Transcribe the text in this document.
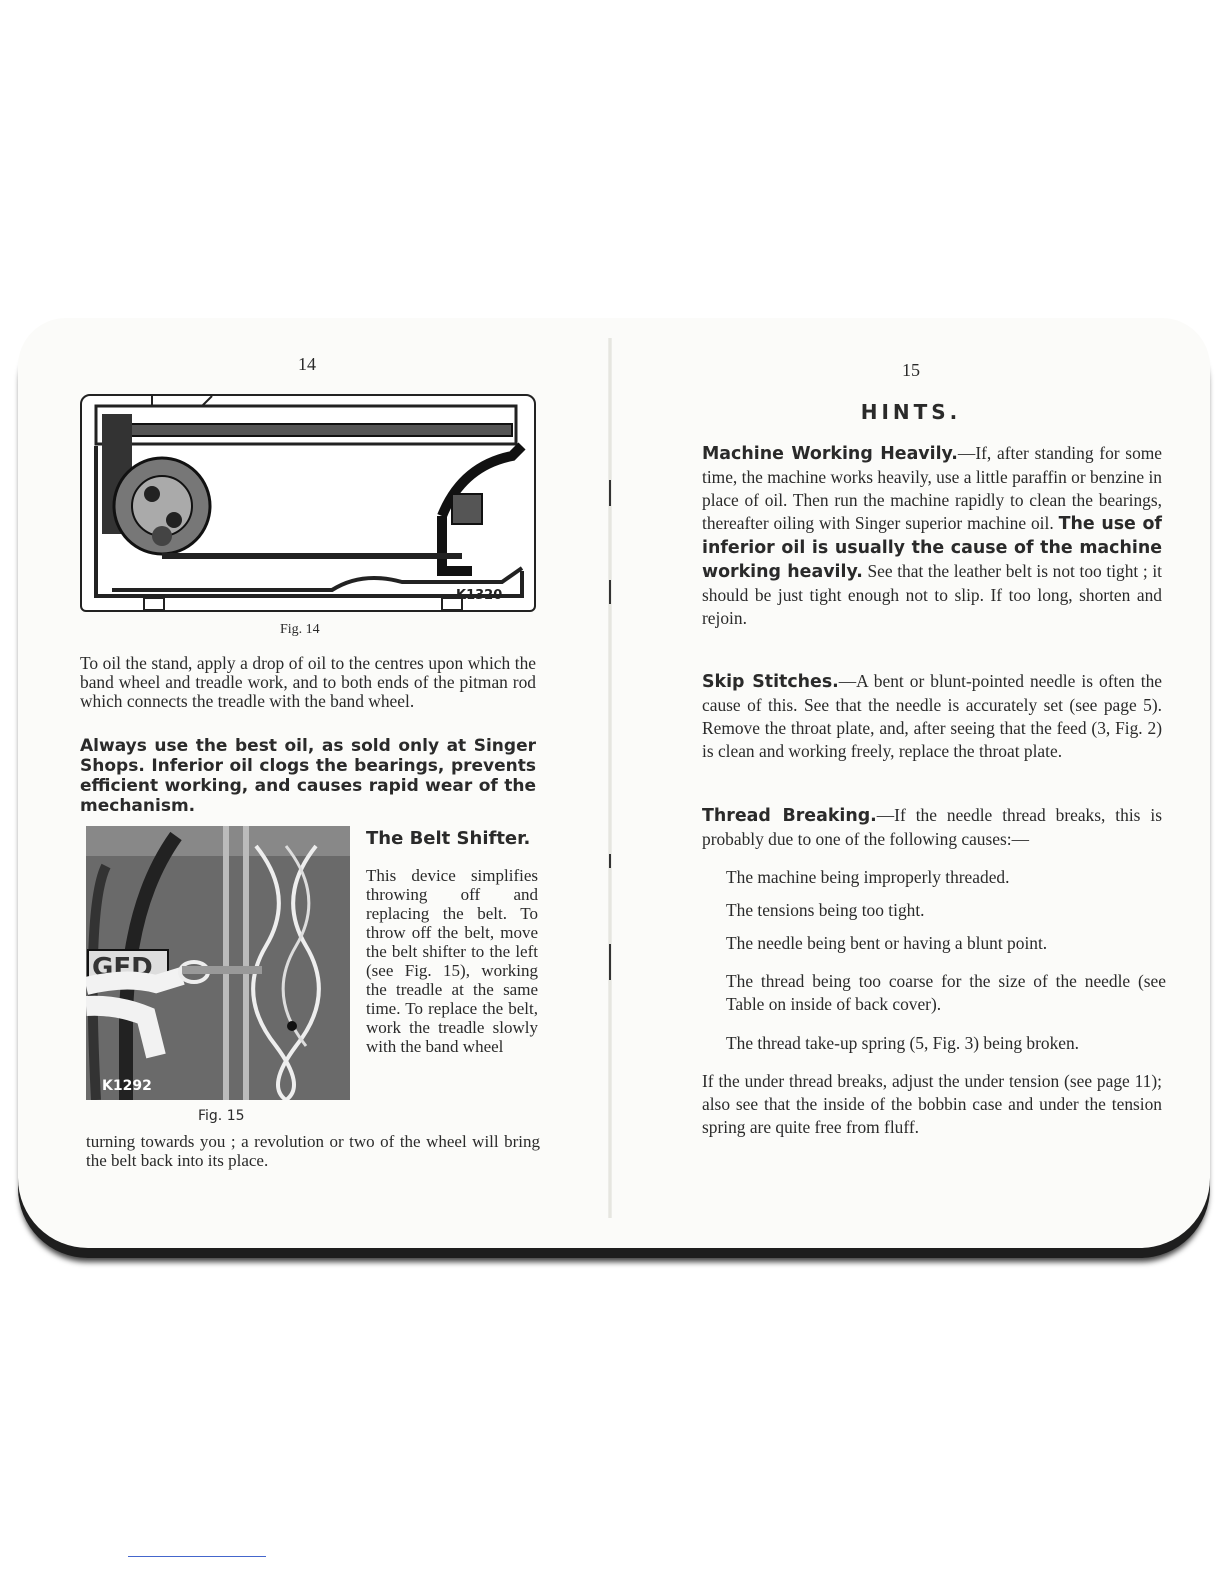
14
K1320
Fig. 14

To oil the stand, apply a drop of oil to the centres upon which the band wheel and treadle work, and to both ends of the pitman rod which connects the treadle with the band wheel.

Always use the best oil, as sold only at Singer Shops. Inferior oil clogs the bearings, prevents efficient working, and causes rapid wear of the mechanism.

GED
K1292
Fig. 15
The Belt Shifter.

This device simplifies throwing off and replacing the belt. To throw off the belt, move the belt shifter to the left (see Fig. 15), working the treadle at the same time. To replace the belt, work the treadle slowly with the band wheel

turning towards you ; a revolution or two of the wheel will bring the belt back into its place.

15
HINTS.

Machine Working Heavily.—If, after standing for some time, the machine works heavily, use a little paraffin or benzine in place of oil. Then run the machine rapidly to clean the bearings, thereafter oiling with Singer superior machine oil. The use of inferior oil is usually the cause of the machine working heavily. See that the leather belt is not too tight ; it should be just tight enough not to slip. If too long, shorten and rejoin.

Skip Stitches.—A bent or blunt-pointed needle is often the cause of this. See that the needle is accurately set (see page 5). Remove the throat plate, and, after seeing that the feed (3, Fig. 2) is clean and working freely, replace the throat plate.

Thread Breaking.—If the needle thread breaks, this is probably due to one of the following causes:—

The machine being improperly threaded.

The tensions being too tight.

The needle being bent or having a blunt point.

The thread being too coarse for the size of the needle (see Table on inside of back cover).

The thread take-up spring (5, Fig. 3) being broken.

If the under thread breaks, adjust the under tension (see page 11); also see that the inside of the bobbin case and under the tension spring are quite free from fluff.
